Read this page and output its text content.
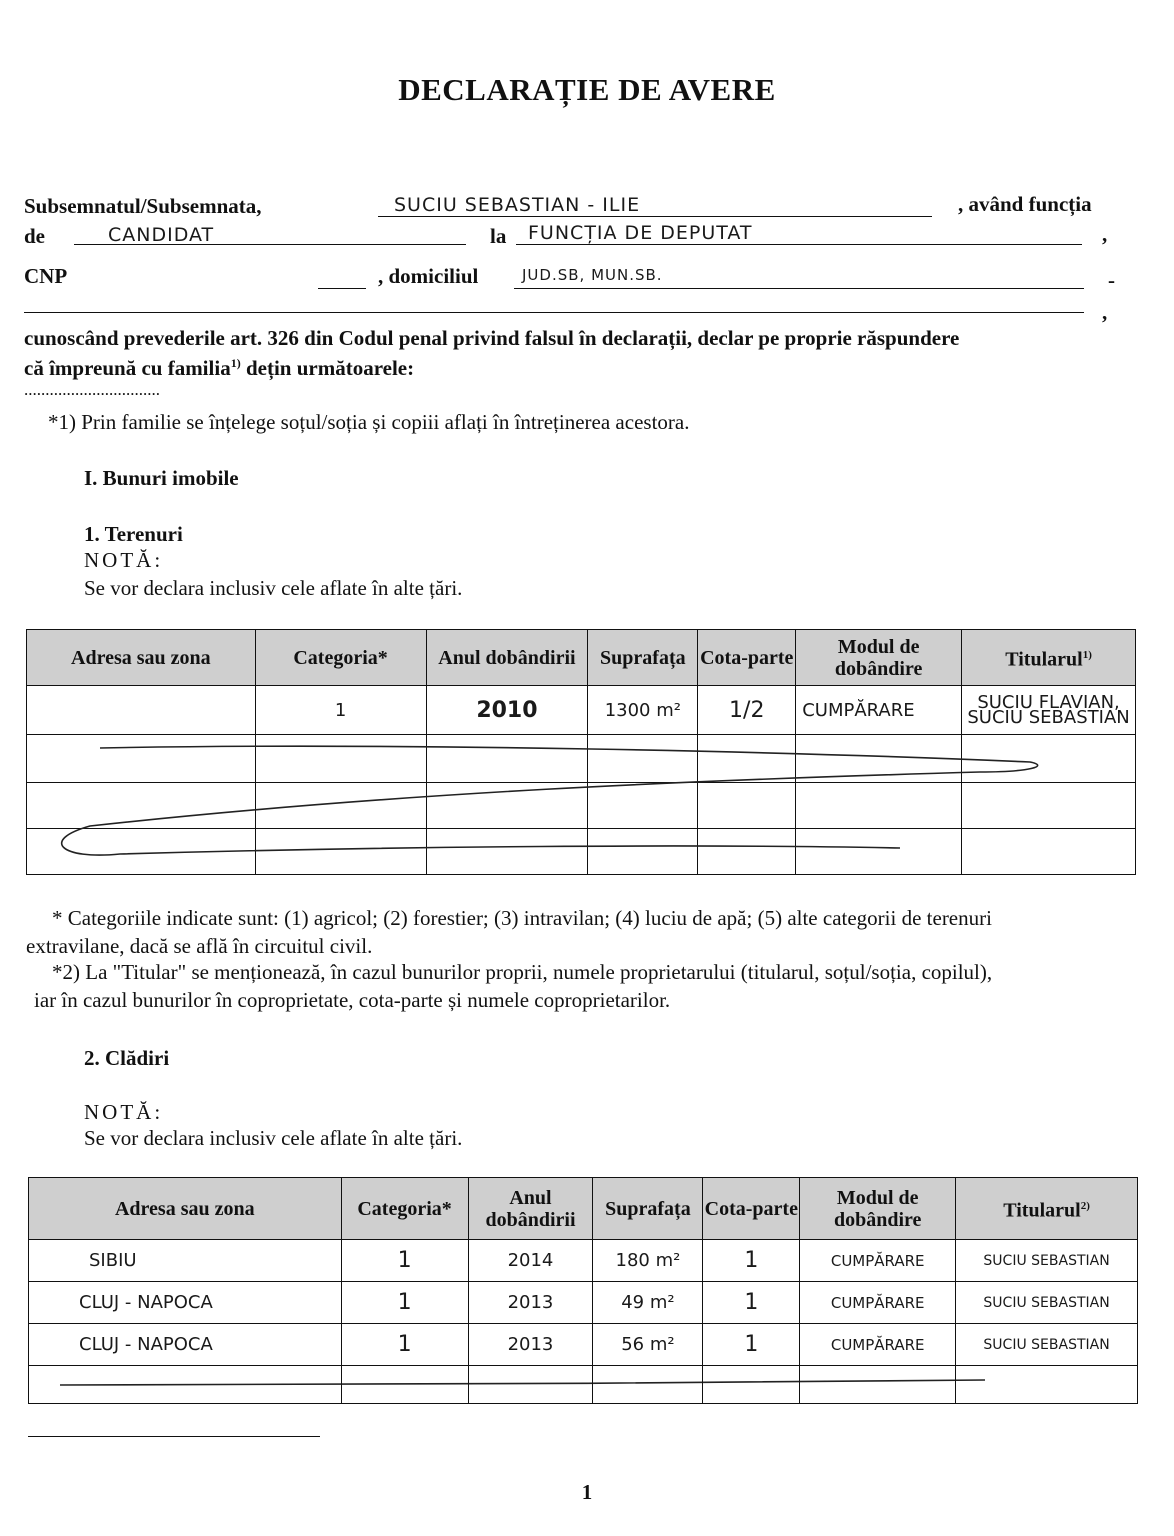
DECLARAȚIE DE AVERE
Subsemnatul/Subsemnata,	SUCIU SEBASTIAN - ILIE	, având funcția
de	CANDIDAT	la FUNCȚIA DE DEPUTAT	,
CNP	, domiciliul	JUD.SB, MUN.SB.	-
,
cunoscând prevederile art. 326 din Codul penal privind falsul în declarații, declar pe proprie răspundere
că împreună cu familia$^{1)}$ dețin următoarele:
................................
*1) Prin familie se înțelege soțul/soția și copiii aflați în întreținerea acestora.
I. Bunuri imobile
1. Terenuri
NOTĂ:
Se vor declara inclusiv cele aflate în alte țări.
Adresa sau zona	Categoria*	Anul dobândirii	Suprafața	Cota-parte	Modul de dobândire	Titularul$^{1)}$
	1	2010	1300 m²	1/2	CUMPĂRARE	SUCIU FLAVIAN,
SUCIU SEBASTIAN

* Categoriile indicate sunt: (1) agricol; (2) forestier; (3) intravilan; (4) luciu de apă; (5) alte categorii de terenuri
extravilane, dacă se află în circuitul civil.
*2) La "Titular" se menționează, în cazul bunurilor proprii, numele proprietarului (titularul, soțul/soția, copilul),
iar în cazul bunurilor în coproprietate, cota-parte și numele coproprietarilor.
2. Clădiri
NOTĂ:
Se vor declara inclusiv cele aflate în alte țări.
Adresa sau zona	Categoria*	Anul dobândirii	Suprafața	Cota-parte	Modul de dobândire	Titularul$^{2)}$
SIBIU	1	2014	180 m²	1	CUMPĂRARE	SUCIU SEBASTIAN
CLUJ - NAPOCA	1	2013	49 m²	1	CUMPĂRARE	SUCIU SEBASTIAN
CLUJ - NAPOCA	1	2013	56 m²	1	CUMPĂRARE	SUCIU SEBASTIAN

1
